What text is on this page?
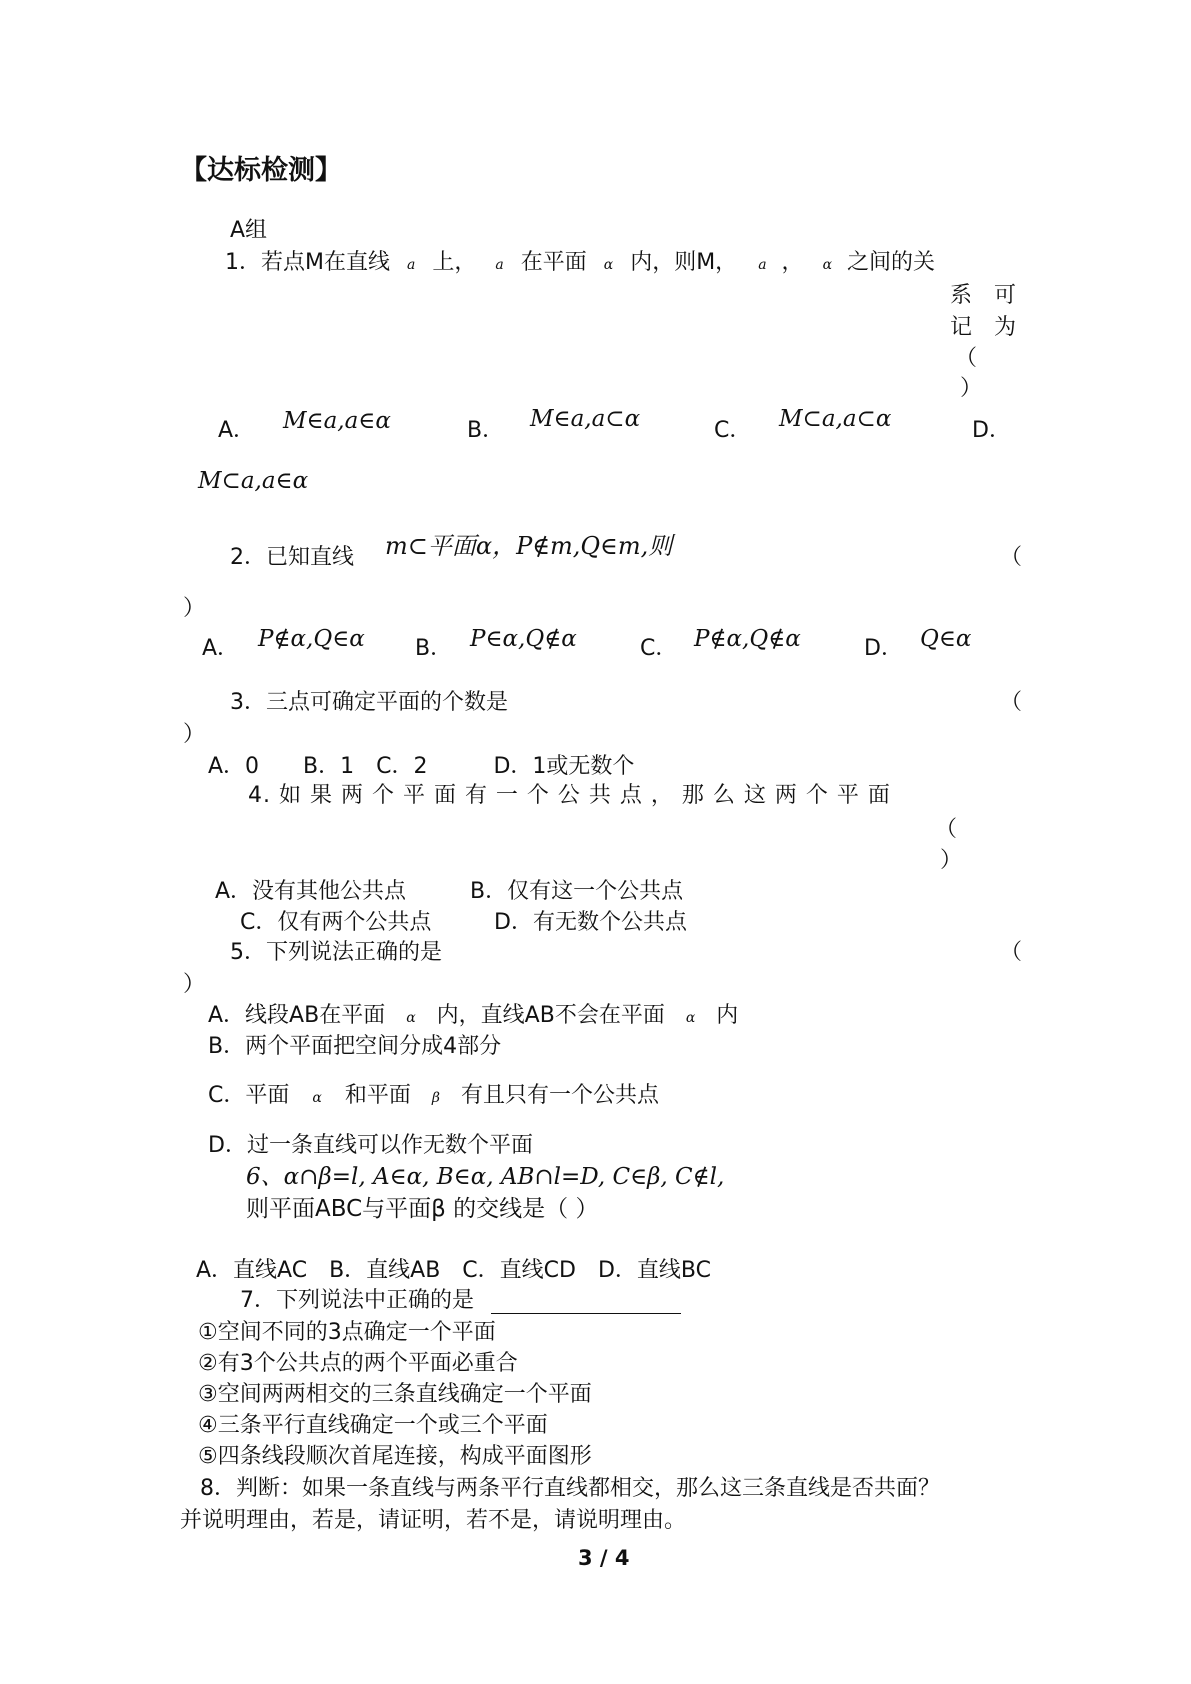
【达标检测】
A组
1．若点M在直线 a 上， a 在平面 α 内，则M， a ， α 之间的关
系　可
记　为
（
）
A． M∈a,a∈α	B． M∈a,a⊂α	C． M⊂a,a⊂α	D．
M⊂a,a∈α
2．已知直线 m⊂平面α，P∉m,Q∈m,则	（
）
A． P∉α,Q∈α B． P∈α,Q∉α	C． P∉α,Q∉α	D． Q∈α
3．三点可确定平面的个数是	（
）
A．0　　B．1　C．2　　　D．1或无数个
4. 如 果 两 个 平 面 有 一 个 公 共 点 ， 那 么 这 两 个 平 面
（
）
A．没有其他公共点	B．仅有这一个公共点
C．仅有两个公共点	D．有无数个公共点
5．下列说法正确的是	（
）
A．线段AB在平面 α 内，直线AB不会在平面 α 内
B．两个平面把空间分成4部分
C．平面 α 和平面 β 有且只有一个公共点
D．过一条直线可以作无数个平面
6、α∩β=l, A∈α, B∈α, AB∩l=D, C∈β, C∉l,
则平面ABC与平面β 的交线是（ ）
A．直线AC　B．直线AB　C．直线CD　D．直线BC
7．下列说法中正确的是
①空间不同的3点确定一个平面
②有3个公共点的两个平面必重合
③空间两两相交的三条直线确定一个平面
④三条平行直线确定一个或三个平面
⑤四条线段顺次首尾连接，构成平面图形
8．判断：如果一条直线与两条平行直线都相交，那么这三条直线是否共面？
并说明理由，若是，请证明，若不是，请说明理由。
3 / 4
